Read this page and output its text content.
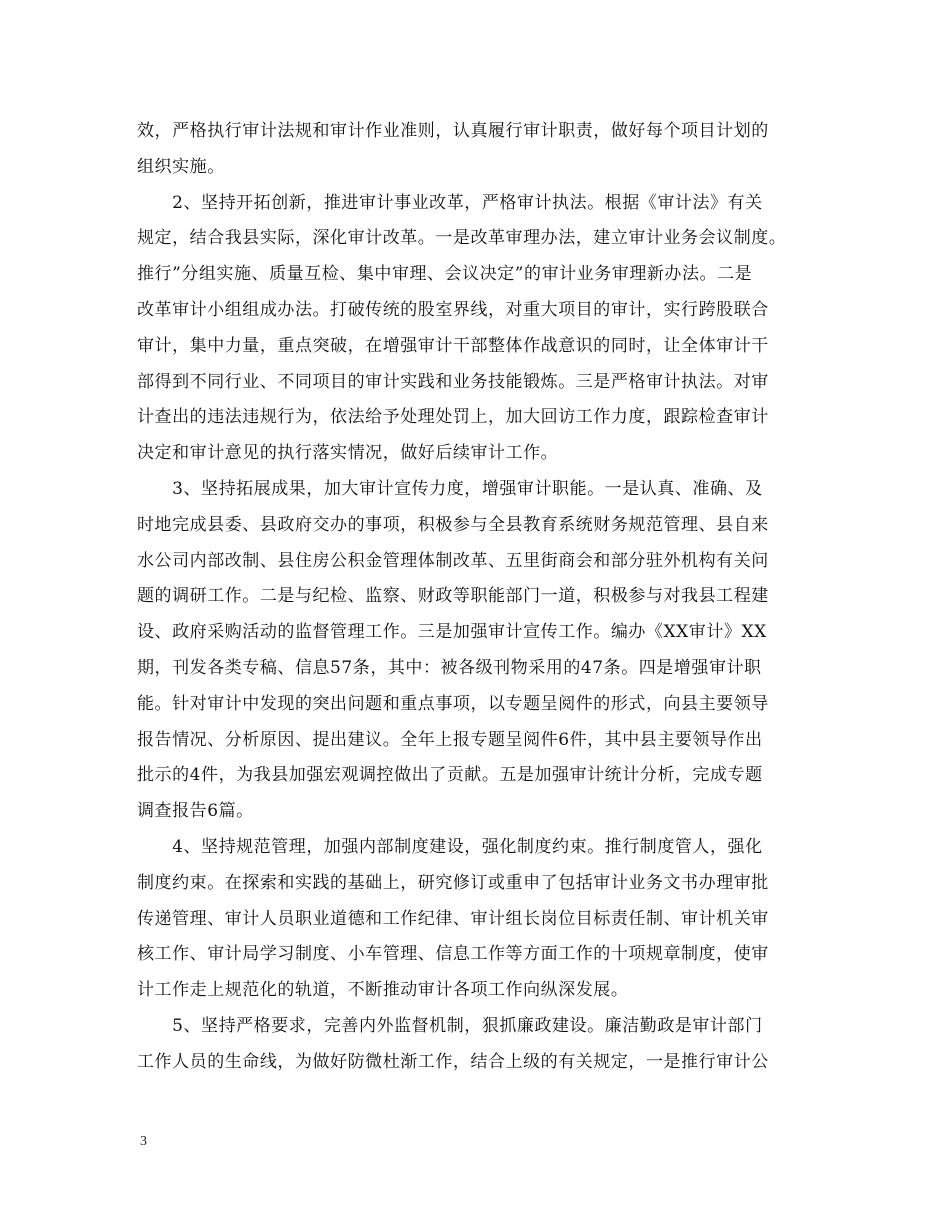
效，严格执行审计法规和审计作业准则，认真履行审计职责，做好每个项目计划的
组织实施。
　　2、坚持开拓创新，推进审计事业改革，严格审计执法。根据《审计法》有关
规定，结合我县实际，深化审计改革。一是改革审理办法，建立审计业务会议制度。
推行”分组实施、质量互检、集中审理、会议决定”的审计业务审理新办法。二是
改革审计小组组成办法。打破传统的股室界线，对重大项目的审计，实行跨股联合
审计，集中力量，重点突破，在增强审计干部整体作战意识的同时，让全体审计干
部得到不同行业、不同项目的审计实践和业务技能锻炼。三是严格审计执法。对审
计查出的违法违规行为，依法给予处理处罚上，加大回访工作力度，跟踪检查审计
决定和审计意见的执行落实情况，做好后续审计工作。
　　3、坚持拓展成果，加大审计宣传力度，增强审计职能。一是认真、准确、及
时地完成县委、县政府交办的事项，积极参与全县教育系统财务规范管理、县自来
水公司内部改制、县住房公积金管理体制改革、五里街商会和部分驻外机构有关问
题的调研工作。二是与纪检、监察、财政等职能部门一道，积极参与对我县工程建
设、政府采购活动的监督管理工作。三是加强审计宣传工作。编办《XX审计》XX
期，刊发各类专稿、信息57条，其中：被各级刊物采用的47条。四是增强审计职
能。针对审计中发现的突出问题和重点事项，以专题呈阅件的形式，向县主要领导
报告情况、分析原因、提出建议。全年上报专题呈阅件6件，其中县主要领导作出
批示的4件，为我县加强宏观调控做出了贡献。五是加强审计统计分析，完成专题
调查报告6篇。
　　4、坚持规范管理，加强内部制度建设，强化制度约束。推行制度管人，强化
制度约束。在探索和实践的基础上，研究修订或重申了包括审计业务文书办理审批
传递管理、审计人员职业道德和工作纪律、审计组长岗位目标责任制、审计机关审
核工作、审计局学习制度、小车管理、信息工作等方面工作的十项规章制度，使审
计工作走上规范化的轨道，不断推动审计各项工作向纵深发展。
　　5、坚持严格要求，完善内外监督机制，狠抓廉政建设。廉洁勤政是审计部门
工作人员的生命线，为做好防微杜渐工作，结合上级的有关规定，一是推行审计公
3
